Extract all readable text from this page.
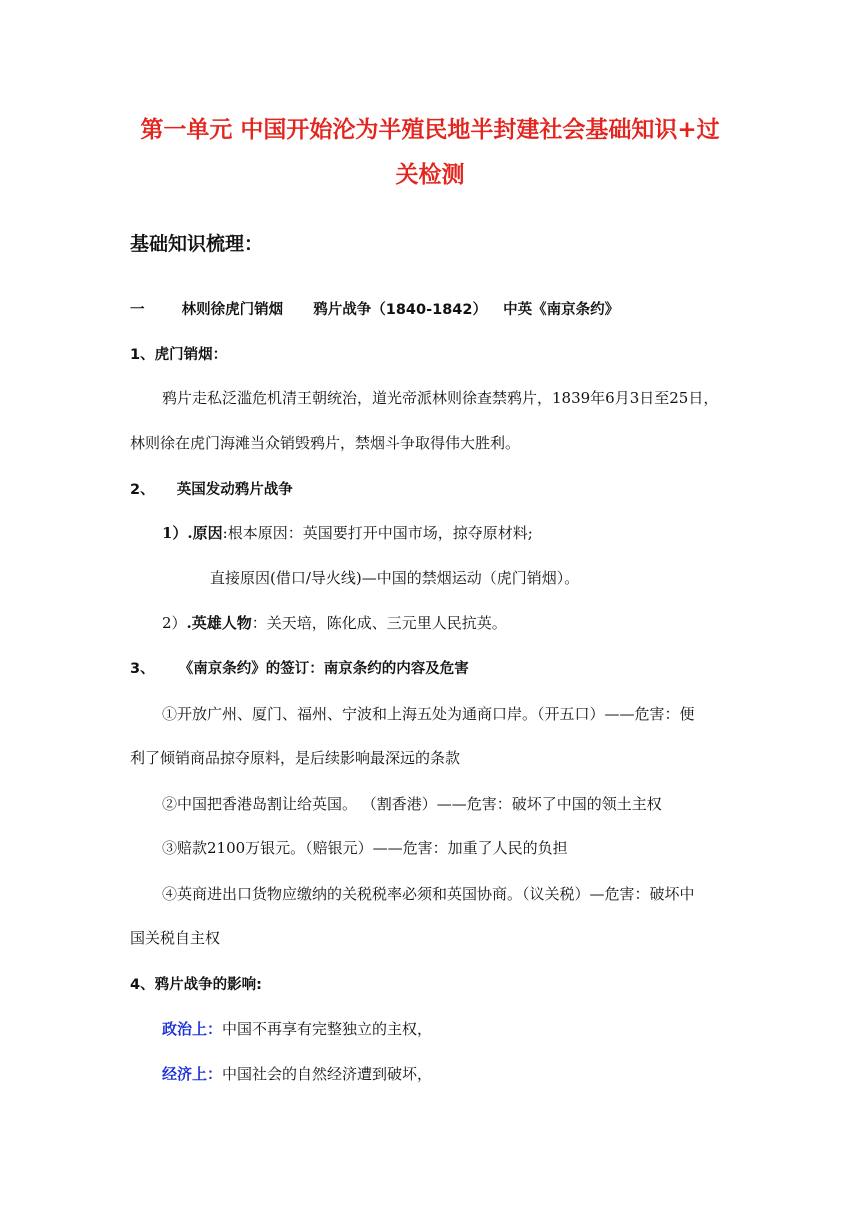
第一单元 中国开始沦为半殖民地半封建社会基础知识+过
关检测
基础知识梳理：
一	林则徐虎门销烟 鸦片战争（1840-1842） 中英《南京条约》
1、虎门销烟：
鸦片走私泛滥危机清王朝统治，道光帝派林则徐查禁鸦片，1839年6月3日至25日，
林则徐在虎门海滩当众销毁鸦片，禁烟斗争取得伟大胜利。
2、 英国发动鸦片战争
1）.原因:根本原因：英国要打开中国市场，掠夺原材料;
直接原因(借口/导火线)—中国的禁烟运动（虎门销烟）。
2）.英雄人物：关天培，陈化成、三元里人民抗英。
3、 《南京条约》的签订：南京条约的内容及危害
①开放广州、厦门、福州、宁波和上海五处为通商口岸。（开五口）——危害：便
利了倾销商品掠夺原料，是后续影响最深远的条款
②中国把香港岛割让给英国。 （割香港）——危害：破坏了中国的领土主权
③赔款2100万银元。（赔银元）——危害：加重了人民的负担
④英商进出口货物应缴纳的关税税率必须和英国协商。（议关税）—危害：破坏中
国关税自主权
4、鸦片战争的影响:
政治上：中国不再享有完整独立的主权，
经济上：中国社会的自然经济遭到破坏，
